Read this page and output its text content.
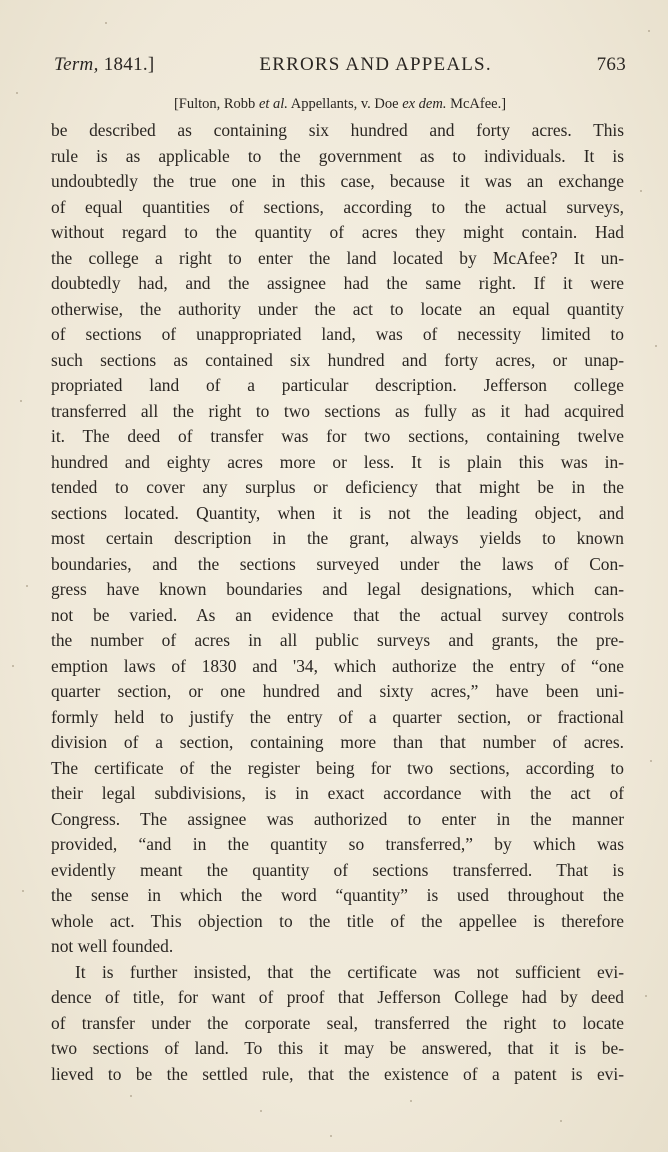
Term, 1841.]	ERRORS AND APPEALS.	763
[Fulton, Robb et al. Appellants, v. Doe ex dem. McAfee.]
be described as containing six hundred and forty acres. This
rule is as applicable to the government as to individuals. It is
undoubtedly the true one in this case, because it was an exchange
of equal quantities of sections, according to the actual surveys,
without regard to the quantity of acres they might contain. Had
the college a right to enter the land located by McAfee? It un-
doubtedly had, and the assignee had the same right. If it were
otherwise, the authority under the act to locate an equal quantity
of sections of unappropriated land, was of necessity limited to
such sections as contained six hundred and forty acres, or unap-
propriated land of a particular description. Jefferson college
transferred all the right to two sections as fully as it had acquired
it. The deed of transfer was for two sections, containing twelve
hundred and eighty acres more or less. It is plain this was in-
tended to cover any surplus or deficiency that might be in the
sections located. Quantity, when it is not the leading object, and
most certain description in the grant, always yields to known
boundaries, and the sections surveyed under the laws of Con-
gress have known boundaries and legal designations, which can-
not be varied. As an evidence that the actual survey controls
the number of acres in all public surveys and grants, the pre-
emption laws of 1830 and '34, which authorize the entry of “one
quarter section, or one hundred and sixty acres,” have been uni-
formly held to justify the entry of a quarter section, or fractional
division of a section, containing more than that number of acres.
The certificate of the register being for two sections, according to
their legal subdivisions, is in exact accordance with the act of
Congress. The assignee was authorized to enter in the manner
provided, “and in the quantity so transferred,” by which was
evidently meant the quantity of sections transferred. That is
the sense in which the word “quantity” is used throughout the
whole act. This objection to the title of the appellee is therefore
not well founded.
It is further insisted, that the certificate was not sufficient evi-
dence of title, for want of proof that Jefferson College had by deed
of transfer under the corporate seal, transferred the right to locate
two sections of land. To this it may be answered, that it is be-
lieved to be the settled rule, that the existence of a patent is evi-
